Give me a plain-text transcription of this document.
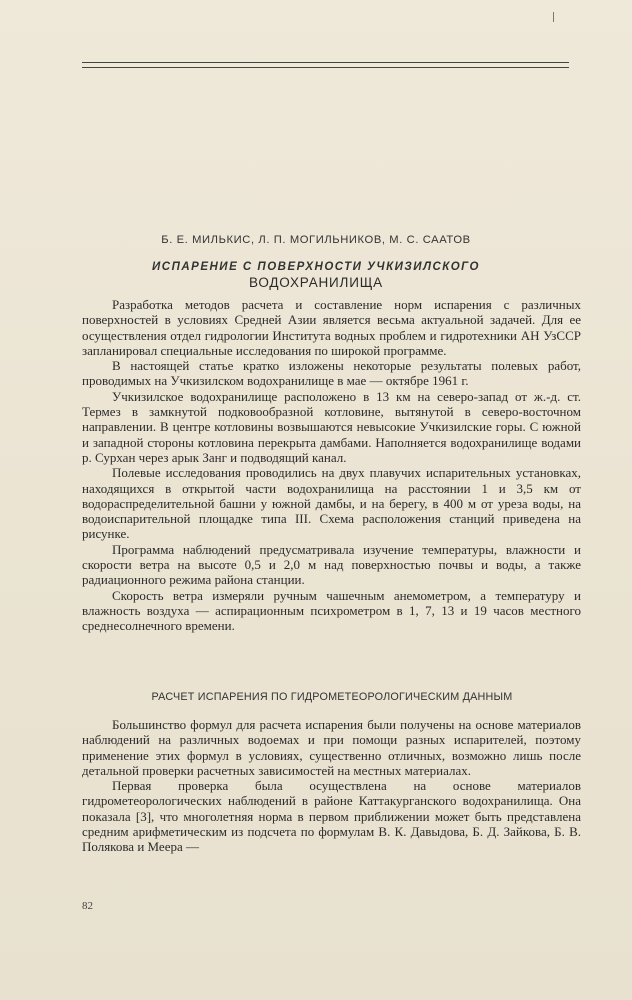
Б. Е. МИЛЬКИС, Л. П. МОГИЛЬНИКОВ, М. С. СААТОВ
ИСПАРЕНИЕ С ПОВЕРХНОСТИ УЧКИЗИЛСКОГО
ВОДОХРАНИЛИЩА

Разработка методов расчета и составление норм испарения с различных поверхностей в условиях Средней Азии является весьма актуальной задачей. Для ее осуществления отдел гидрологии Института водных проблем и гидротехники АН УзССР запланировал специальные исследования по широкой программе.

В настоящей статье кратко изложены некоторые результаты полевых работ, проводимых на Учкизилском водохранилище в мае — октябре 1961 г.

Учкизилское водохранилище расположено в 13 км на северо-запад от ж.-д. ст. Термез в замкнутой подковообразной котловине, вытянутой в северо-восточном направлении. В центре котловины возвышаются невысокие Учкизилские горы. С южной и западной стороны котловина перекрыта дамбами. Наполняется водохранилище водами р. Сурхан через арык Занг и подводящий канал.

Полевые исследования проводились на двух плавучих испарительных установках, находящихся в открытой части водохранилища на расстоянии 1 и 3,5 км от водораспределительной башни у южной дамбы, и на берегу, в 400 м от уреза воды, на водоиспарительной площадке типа III. Схема расположения станций приведена на рисунке.

Программа наблюдений предусматривала изучение температуры, влажности и скорости ветра на высоте 0,5 и 2,0 м над поверхностью почвы и воды, а также радиационного режима района станции.

Скорость ветра измеряли ручным чашечным анемометром, а температуру и влажность воздуха — аспирационным психрометром в 1, 7, 13 и 19 часов местного среднесолнечного времени.

РАСЧЕТ ИСПАРЕНИЯ ПО ГИДРОМЕТЕОРОЛОГИЧЕСКИМ ДАННЫМ

Большинство формул для расчета испарения были получены на основе материалов наблюдений на различных водоемах и при помощи разных испарителей, поэтому применение этих формул в условиях, существенно отличных, возможно лишь после детальной проверки расчетных зависимостей на местных материалах.

Первая проверка была осуществлена на основе материалов гидрометеорологических наблюдений в районе Каттакурганского водохранилища. Она показала [3], что многолетняя норма в первом приближении может быть представлена средним арифметическим из подсчета по формулам В. К. Давыдова, Б. Д. Зайкова, Б. В. Полякова и Меера —

82
